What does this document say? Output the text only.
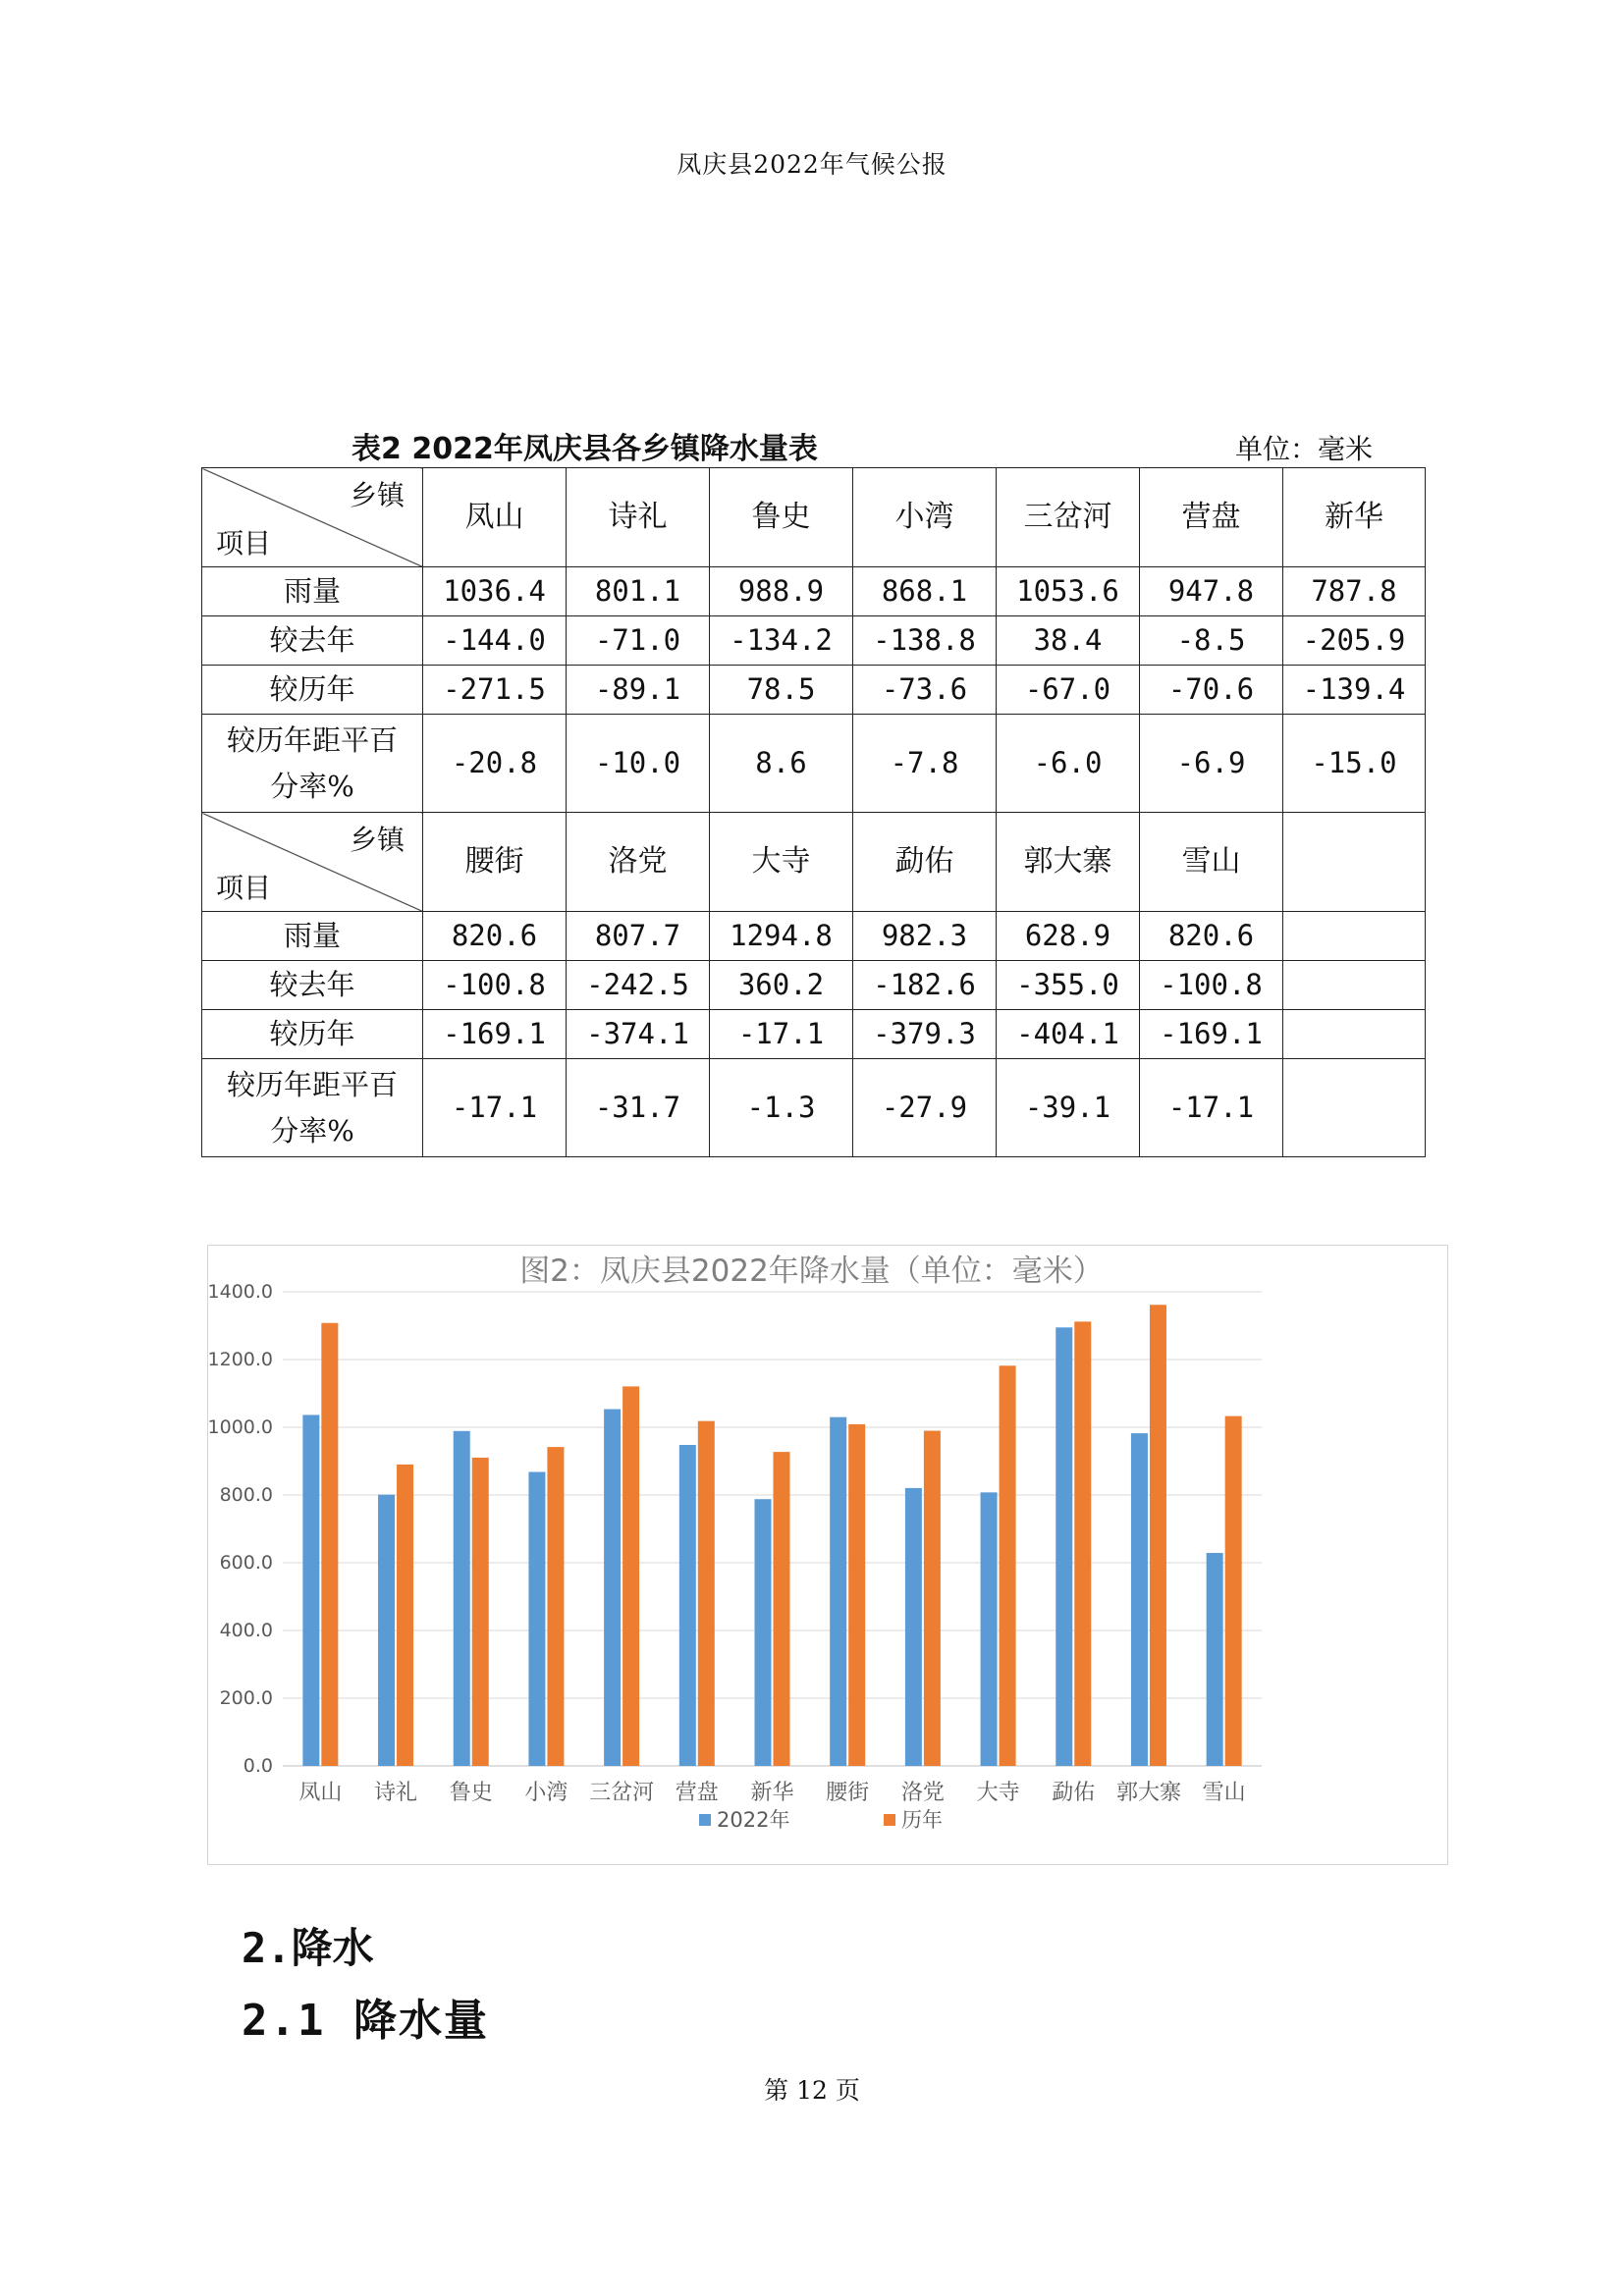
凤庆县2022年气候公报
表2 2022年凤庆县各乡镇降水量表	单位：毫米
乡镇
项目	凤山	诗礼	鲁史	小湾	三岔河	营盘	新华
雨量	1036.4	801.1	988.9	868.1	1053.6	947.8	787.8
较去年	-144.0	-71.0	-134.2	-138.8	38.4	-8.5	-205.9
较历年	-271.5	-89.1	78.5	-73.6	-67.0	-70.6	-139.4

较历年距平百
分率%	-20.8	-10.0	8.6	-7.8	-6.0	-6.9	-15.0

乡镇
项目	腰街	洛党	大寺	勐佑	郭大寨	雪山	
雨量	820.6	807.7	1294.8	982.3	628.9	820.6	
较去年	-100.8	-242.5	360.2	-182.6	-355.0	-100.8	
较历年	-169.1	-374.1	-17.1	-379.3	-404.1	-169.1	

较历年距平百
分率%	-17.1	-31.7	-1.3	-27.9	-39.1	-17.1	
图2：凤庆县2022年降水量（单位：毫米）
0.0
200.0
400.0
600.0
800.0
1000.0
1200.0
1400.0
凤山 诗礼 鲁史 小湾 三岔河 营盘 新华 腰街 洛党 大寺 勐佑 郭大寨 雪山
2022年	历年
2.降水
2.1 降水量
第 12 页
